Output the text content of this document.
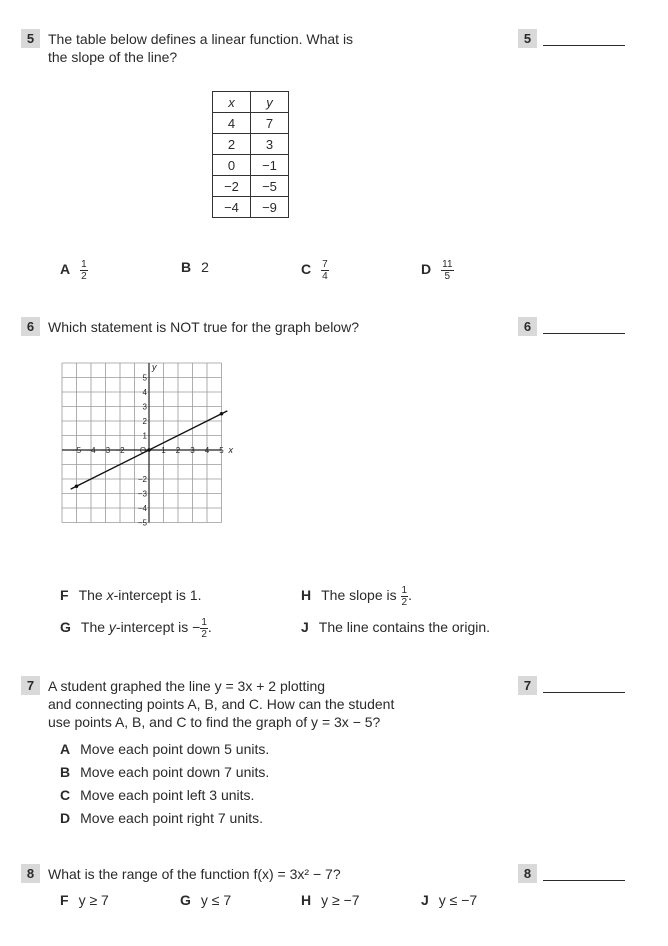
5 The table below defines a linear function. What is
the slope of the line?
5
x	y
4	7
2	3
0	−1
−2	−5
−4	−9
A $\frac{1}{2}$	B 2	C $\frac{7}{4}$	D $\frac{11}{5}$
6 Which statement is NOT true for the graph below?	6
−5 −4 −3 −2 O 1 2 3 4 5
5
4
3
2
1
−2
−3
−4
−5
x
y
F The x-intercept is 1.	H The slope is $\frac{1}{2}$ .
G The y-intercept is − $\frac{1}{2}$ .	J The line contains the origin.
7 A student graphed the line y = 3x + 2 plotting
and connecting points A, B, and C. How can the student
use points A, B, and C to find the graph of y = 3x − 5?
7
A Move each point down 5 units.
B Move each point down 7 units.
C Move each point left 3 units.
D Move each point right 7 units.
8 What is the range of the function f(x) = 3x² − 7?	8
F y ≥ 7	G y ≤ 7	H y ≥ −7	J y ≤ −7
